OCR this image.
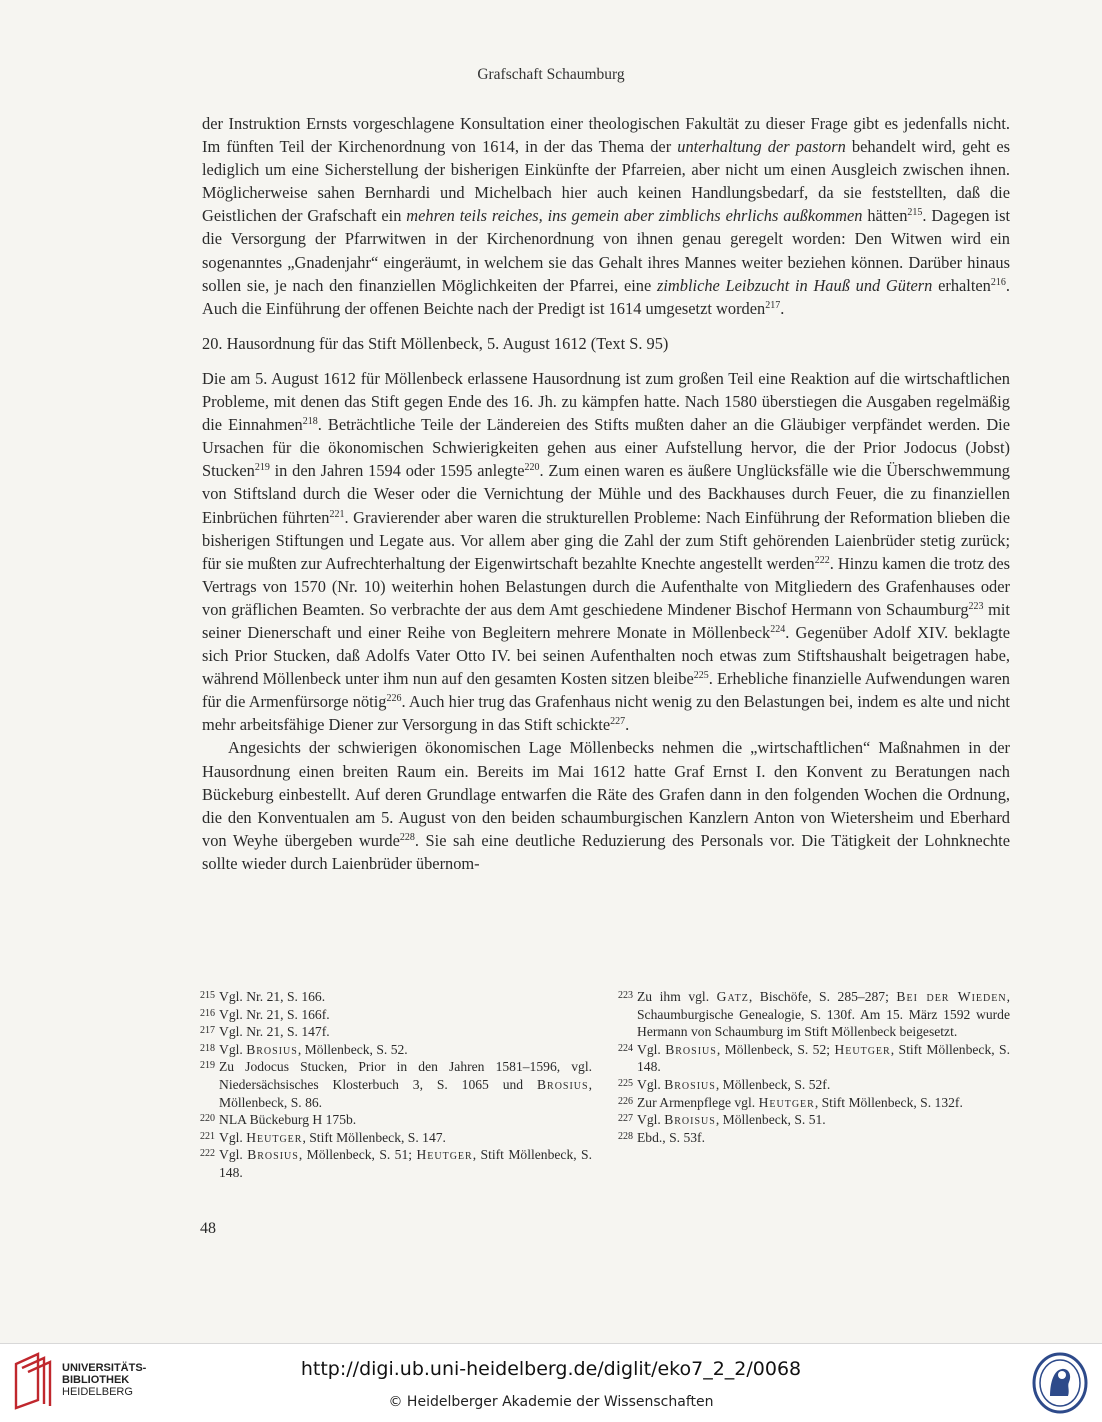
Grafschaft Schaumburg

der Instruktion Ernsts vorgeschlagene Konsultation einer theologischen Fakultät zu dieser Frage gibt es jedenfalls nicht. Im fünften Teil der Kirchenordnung von 1614, in der das Thema der unterhaltung der pastorn behandelt wird, geht es lediglich um eine Sicherstellung der bisherigen Einkünfte der Pfarreien, aber nicht um einen Ausgleich zwischen ihnen. Möglicherweise sahen Bernhardi und Michelbach hier auch keinen Handlungsbedarf, da sie feststellten, daß die Geistlichen der Grafschaft ein mehren teils reiches, ins gemein aber zimblichs ehrlichs außkommen hätten$^{215}$. Dagegen ist die Versorgung der Pfarrwitwen in der Kirchenordnung von ihnen genau geregelt worden: Den Witwen wird ein sogenanntes „Gnadenjahr“ eingeräumt, in welchem sie das Gehalt ihres Mannes weiter beziehen können. Darüber hinaus sollen sie, je nach den finanziellen Möglichkeiten der Pfarrei, eine zimbliche Leibzucht in Hauß und Gütern erhalten$^{216}$. Auch die Einführung der offenen Beichte nach der Predigt ist 1614 umgesetzt worden$^{217}$.

20. Hausordnung für das Stift Möllenbeck, 5. August 1612 (Text S. 95)

Die am 5. August 1612 für Möllenbeck erlassene Hausordnung ist zum großen Teil eine Reaktion auf die wirtschaftlichen Probleme, mit denen das Stift gegen Ende des 16. Jh. zu kämpfen hatte. Nach 1580 überstiegen die Ausgaben regelmäßig die Einnahmen$^{218}$. Beträchtliche Teile der Ländereien des Stifts mußten daher an die Gläubiger verpfändet werden. Die Ursachen für die ökonomischen Schwierigkeiten gehen aus einer Aufstellung hervor, die der Prior Jodocus (Jobst) Stucken$^{219}$ in den Jahren 1594 oder 1595 anlegte$^{220}$. Zum einen waren es äußere Unglücksfälle wie die Überschwemmung von Stiftsland durch die Weser oder die Vernichtung der Mühle und des Backhauses durch Feuer, die zu finanziellen Einbrüchen führten$^{221}$. Gravierender aber waren die strukturellen Probleme: Nach Einführung der Reformation blieben die bisherigen Stiftungen und Legate aus. Vor allem aber ging die Zahl der zum Stift gehörenden Laienbrüder stetig zurück; für sie mußten zur Aufrechterhaltung der Eigenwirtschaft bezahlte Knechte angestellt werden$^{222}$. Hinzu kamen die trotz des Vertrags von 1570 (Nr. 10) weiterhin hohen Belastungen durch die Aufenthalte von Mitgliedern des Grafenhauses oder von gräflichen Beamten. So verbrachte der aus dem Amt geschiedene Mindener Bischof Hermann von Schaumburg$^{223}$ mit seiner Dienerschaft und einer Reihe von Begleitern mehrere Monate in Möllenbeck$^{224}$. Gegenüber Adolf XIV. beklagte sich Prior Stucken, daß Adolfs Vater Otto IV. bei seinen Aufenthalten noch etwas zum Stiftshaushalt beigetragen habe, während Möllenbeck unter ihm nun auf den gesamten Kosten sitzen bleibe$^{225}$. Erhebliche finanzielle Aufwendungen waren für die Armenfürsorge nötig$^{226}$. Auch hier trug das Grafenhaus nicht wenig zu den Belastungen bei, indem es alte und nicht mehr arbeitsfähige Diener zur Versorgung in das Stift schickte$^{227}$.

Angesichts der schwierigen ökonomischen Lage Möllenbecks nehmen die „wirtschaftlichen“ Maßnahmen in der Hausordnung einen breiten Raum ein. Bereits im Mai 1612 hatte Graf Ernst I. den Konvent zu Beratungen nach Bückeburg einbestellt. Auf deren Grundlage entwarfen die Räte des Grafen dann in den folgenden Wochen die Ordnung, die den Konventualen am 5. August von den beiden schaumburgischen Kanzlern Anton von Wietersheim und Eberhard von Weyhe übergeben wurde$^{228}$. Sie sah eine deutliche Reduzierung des Personals vor. Die Tätigkeit der Lohnknechte sollte wieder durch Laienbrüder übernom-

215 Vgl. Nr. 21, S. 166.
216 Vgl. Nr. 21, S. 166f.
217 Vgl. Nr. 21, S. 147f.
218 Vgl. Brosius, Möllenbeck, S. 52.
219 Zu Jodocus Stucken, Prior in den Jahren 1581–1596, vgl. Niedersächsisches Klosterbuch 3, S. 1065 und Brosius, Möllenbeck, S. 86.
220 NLA Bückeburg H 175b.
221 Vgl. Heutger, Stift Möllenbeck, S. 147.
222 Vgl. Brosius, Möllenbeck, S. 51; Heutger, Stift Möllenbeck, S. 148.
223 Zu ihm vgl. Gatz, Bischöfe, S. 285–287; Bei der Wieden, Schaumburgische Genealogie, S. 130f. Am 15. März 1592 wurde Hermann von Schaumburg im Stift Möllenbeck beigesetzt.
224 Vgl. Brosius, Möllenbeck, S. 52; Heutger, Stift Möllenbeck, S. 148.
225 Vgl. Brosius, Möllenbeck, S. 52f.
226 Zur Armenpflege vgl. Heutger, Stift Möllenbeck, S. 132f.
227 Vgl. Broisus, Möllenbeck, S. 51.
228 Ebd., S. 53f.
48
UNIVERSITÄTS-
BIBLIOTHEK
HEIDELBERG
http://digi.ub.uni-heidelberg.de/diglit/eko7_2_2/0068
© Heidelberger Akademie der Wissenschaften
